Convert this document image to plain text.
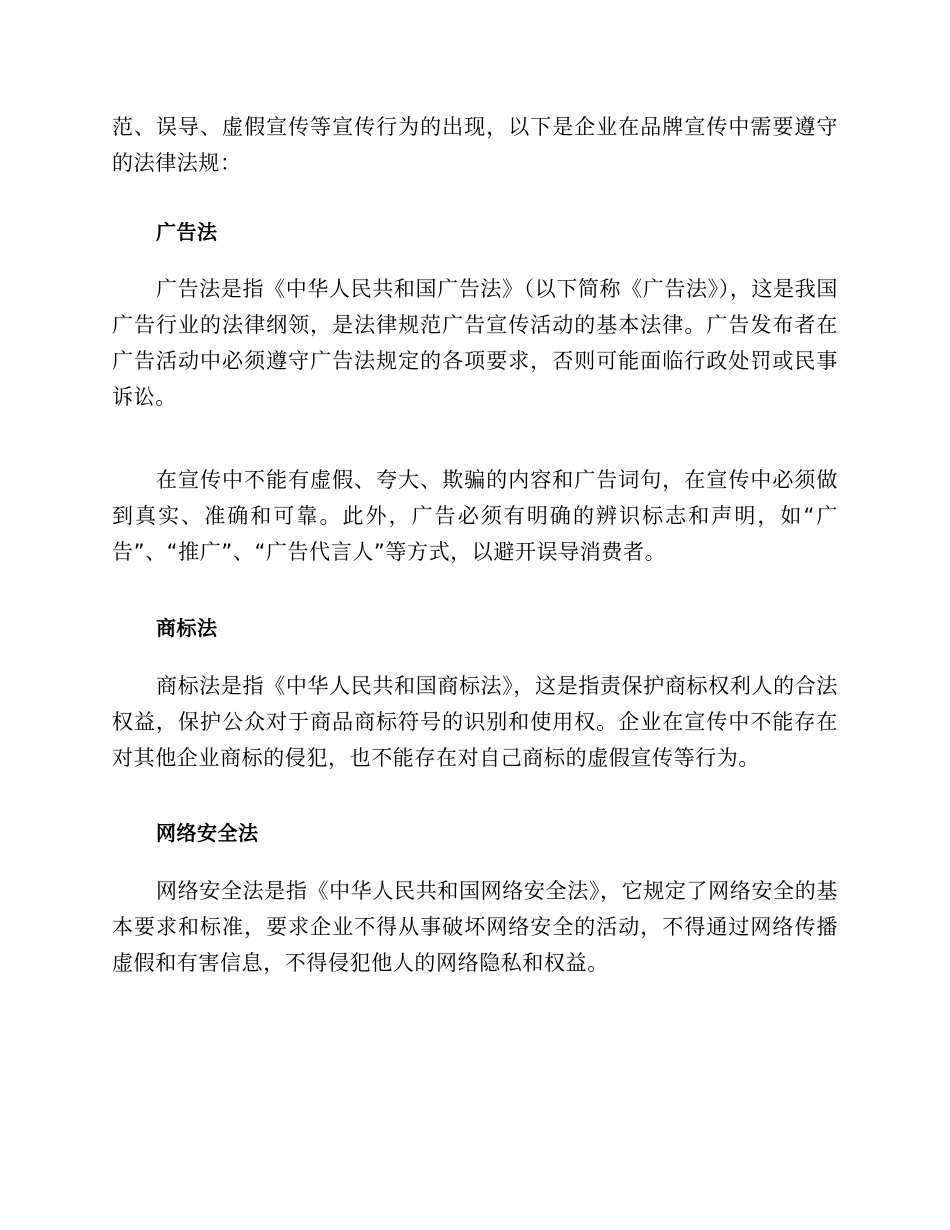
范、误导、虚假宣传等宣传行为的出现，以下是企业在品牌宣传中需要遵守的法律法规：

广告法

广告法是指《中华人民共和国广告法》（以下简称《广告法》），这是我国广告行业的法律纲领，是法律规范广告宣传活动的基本法律。广告发布者在广告活动中必须遵守广告法规定的各项要求，否则可能面临行政处罚或民事诉讼。

在宣传中不能有虚假、夸大、欺骗的内容和广告词句，在宣传中必须做到真实、准确和可靠。此外，广告必须有明确的辨识标志和声明，如“广告”、“推广”、“广告代言人”等方式，以避开误导消费者。

商标法

商标法是指《中华人民共和国商标法》，这是指责保护商标权利人的合法权益，保护公众对于商品商标符号的识别和使用权。企业在宣传中不能存在对其他企业商标的侵犯，也不能存在对自己商标的虚假宣传等行为。

网络安全法

网络安全法是指《中华人民共和国网络安全法》，它规定了网络安全的基本要求和标准，要求企业不得从事破坏网络安全的活动，不得通过网络传播虚假和有害信息，不得侵犯他人的网络隐私和权益。
